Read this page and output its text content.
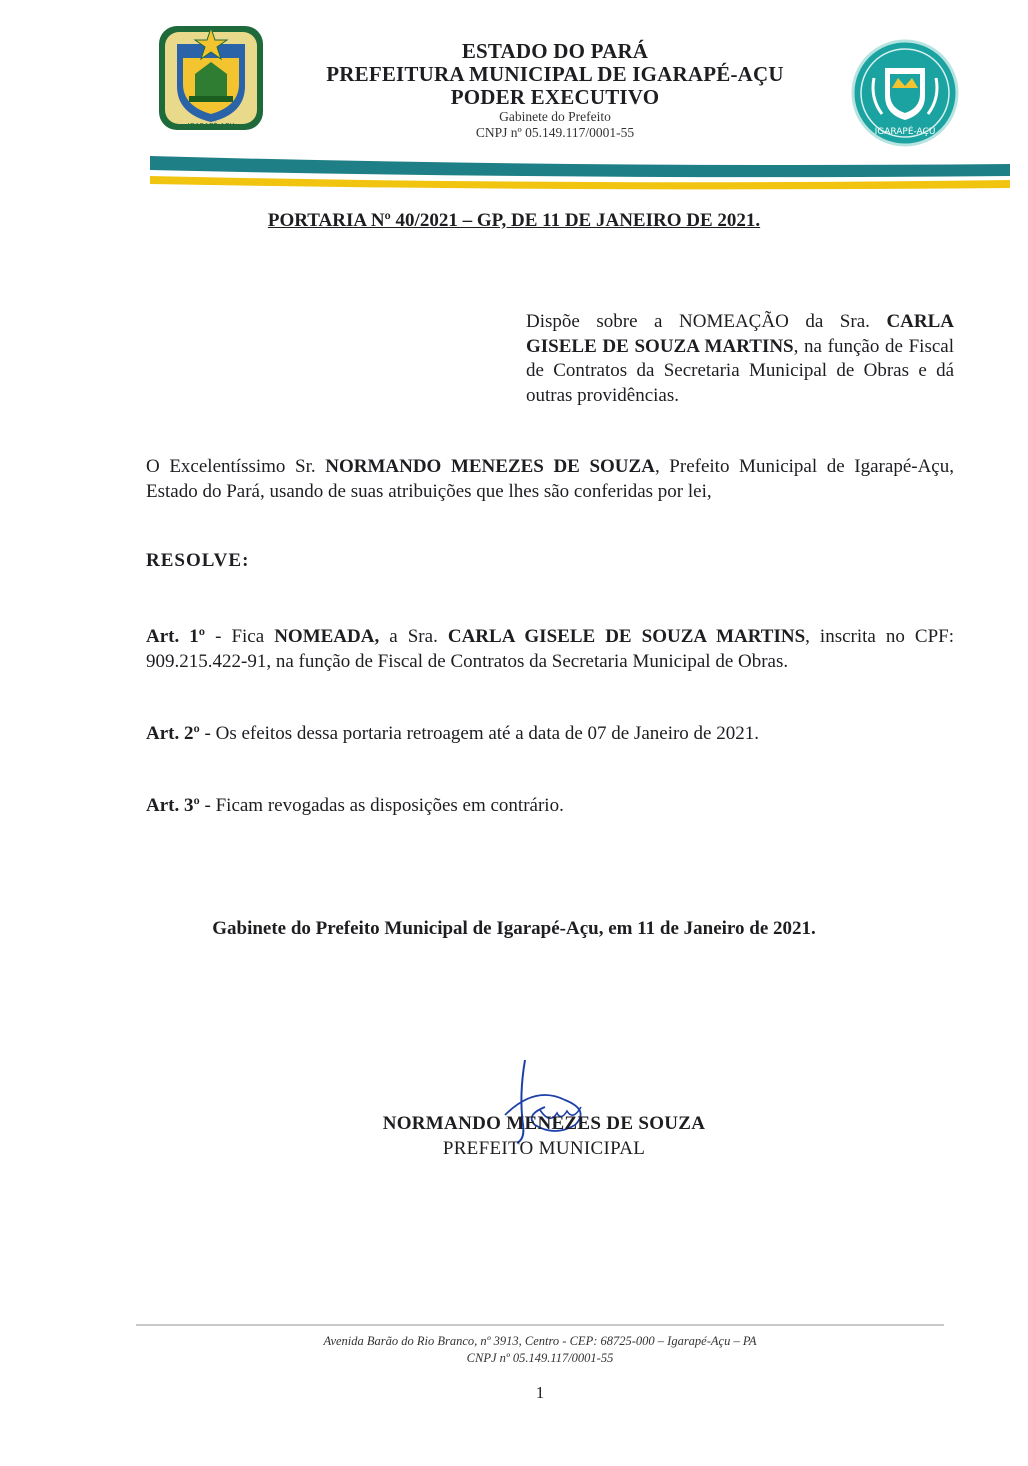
IGARAPÉ-AÇU
ESTADO DO PARÁ
PREFEITURA MUNICIPAL DE IGARAPÉ-AÇU
PODER EXECUTIVO
Gabinete do Prefeito
CNPJ nº 05.149.117/0001-55	IGARAPÉ-AÇU
PORTARIA Nº 40/2021 – GP, DE 11 DE JANEIRO DE 2021.
Dispõe sobre a NOMEAÇÃO da Sra. CARLA GISELE DE SOUZA MARTINS, na função de Fiscal de Contratos da Secretaria Municipal de Obras e dá outras providências.
O Excelentíssimo Sr. NORMANDO MENEZES DE SOUZA, Prefeito Municipal de Igarapé-Açu, Estado do Pará, usando de suas atribuições que lhes são conferidas por lei,
RESOLVE:
Art. 1º - Fica NOMEADA, a Sra. CARLA GISELE DE SOUZA MARTINS, inscrita no CPF: 909.215.422-91, na função de Fiscal de Contratos da Secretaria Municipal de Obras.
Art. 2º - Os efeitos dessa portaria retroagem até a data de 07 de Janeiro de 2021.
Art. 3º - Ficam revogadas as disposições em contrário.
Gabinete do Prefeito Municipal de Igarapé-Açu, em 11 de Janeiro de 2021.
NORMANDO MENEZES DE SOUZA
PREFEITO MUNICIPAL
Avenida Barão do Rio Branco, nº 3913, Centro - CEP: 68725-000 – Igarapé-Açu – PA
CNPJ nº 05.149.117/0001-55
1
